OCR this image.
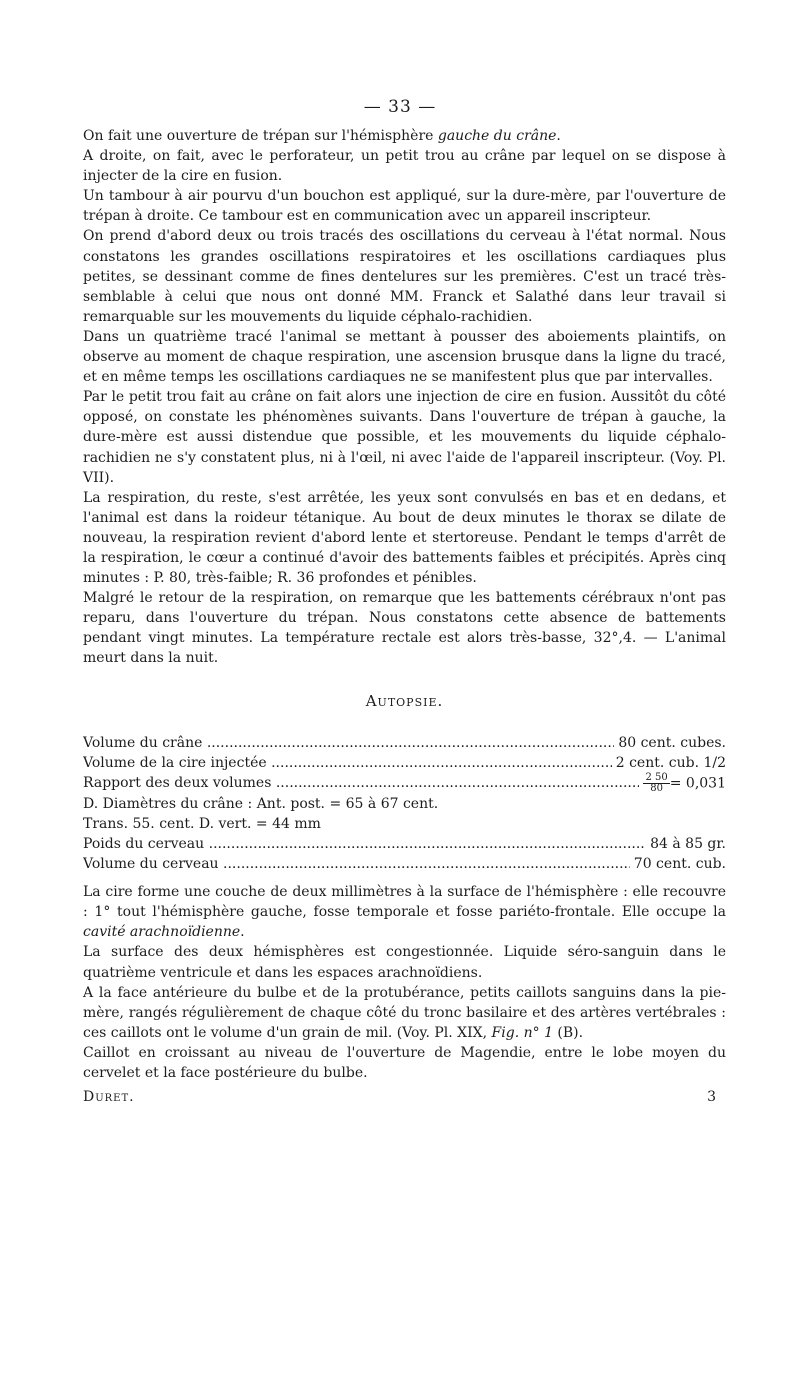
— 33 —

On fait une ouverture de trépan sur l'hémisphère gauche du crâne.

A droite, on fait, avec le perforateur, un petit trou au crâne par lequel on se dispose à injecter de la cire en fusion.

Un tambour à air pourvu d'un bouchon est appliqué, sur la dure-mère, par l'ouverture de trépan à droite. Ce tambour est en communication avec un appareil inscripteur.

On prend d'abord deux ou trois tracés des oscillations du cerveau à l'état normal. Nous constatons les grandes oscillations respiratoires et les oscillations cardiaques plus petites, se dessinant comme de fines dentelures sur les premières. C'est un tracé très-semblable à celui que nous ont donné MM. Franck et Salathé dans leur travail si remarquable sur les mouvements du liquide céphalo-rachidien.

Dans un quatrième tracé l'animal se mettant à pousser des aboiements plaintifs, on observe au moment de chaque respiration, une ascension brusque dans la ligne du tracé, et en même temps les oscillations cardiaques ne se manifestent plus que par intervalles.

Par le petit trou fait au crâne on fait alors une injection de cire en fusion. Aussitôt du côté opposé, on constate les phénomènes suivants. Dans l'ouverture de trépan à gauche, la dure-mère est aussi distendue que possible, et les mouvements du liquide céphalo-rachidien ne s'y constatent plus, ni à l'œil, ni avec l'aide de l'appareil inscripteur. (Voy. Pl. VII).

La respiration, du reste, s'est arrêtée, les yeux sont convulsés en bas et en dedans, et l'animal est dans la roideur tétanique. Au bout de deux minutes le thorax se dilate de nouveau, la respiration revient d'abord lente et stertoreuse. Pendant le temps d'arrêt de la respiration, le cœur a continué d'avoir des battements faibles et précipités. Après cinq minutes : P. 80, très-faible; R. 36 profondes et pénibles.

Malgré le retour de la respiration, on remarque que les battements cérébraux n'ont pas reparu, dans l'ouverture du trépan. Nous constatons cette absence de battements pendant vingt minutes. La température rectale est alors très-basse, 32°,4. — L'animal meurt dans la nuit.

Autopsie.
Volume du crâne .....	80 cent. cubes.
Volume de la cire injectée .....	2 cent. cub. 1/2
Rapport des deux volumes .....	$\frac{2 50}{80} = 0,031$
D. Diamètres du crâne : Ant. post. = 65 à 67 cent.
Trans. 55. cent. D. vert. = 44 mm
Poids du cerveau .....	84 à 85 gr.
Volume du cerveau .....	70 cent. cub.

La cire forme une couche de deux millimètres à la surface de l'hémisphère : elle recouvre : 1° tout l'hémisphère gauche, fosse temporale et fosse pariéto-frontale. Elle occupe la cavité arachnoïdienne.

La surface des deux hémisphères est congestionnée. Liquide séro-sanguin dans le quatrième ventricule et dans les espaces arachnoïdiens.

A la face antérieure du bulbe et de la protubérance, petits caillots sanguins dans la pie-mère, rangés régulièrement de chaque côté du tronc basilaire et des artères vertébrales : ces caillots ont le volume d'un grain de mil. (Voy. Pl. XIX, Fig. n° 1 (B).

Caillot en croissant au niveau de l'ouverture de Magendie, entre le lobe moyen du cervelet et la face postérieure du bulbe.

Duret.	3
